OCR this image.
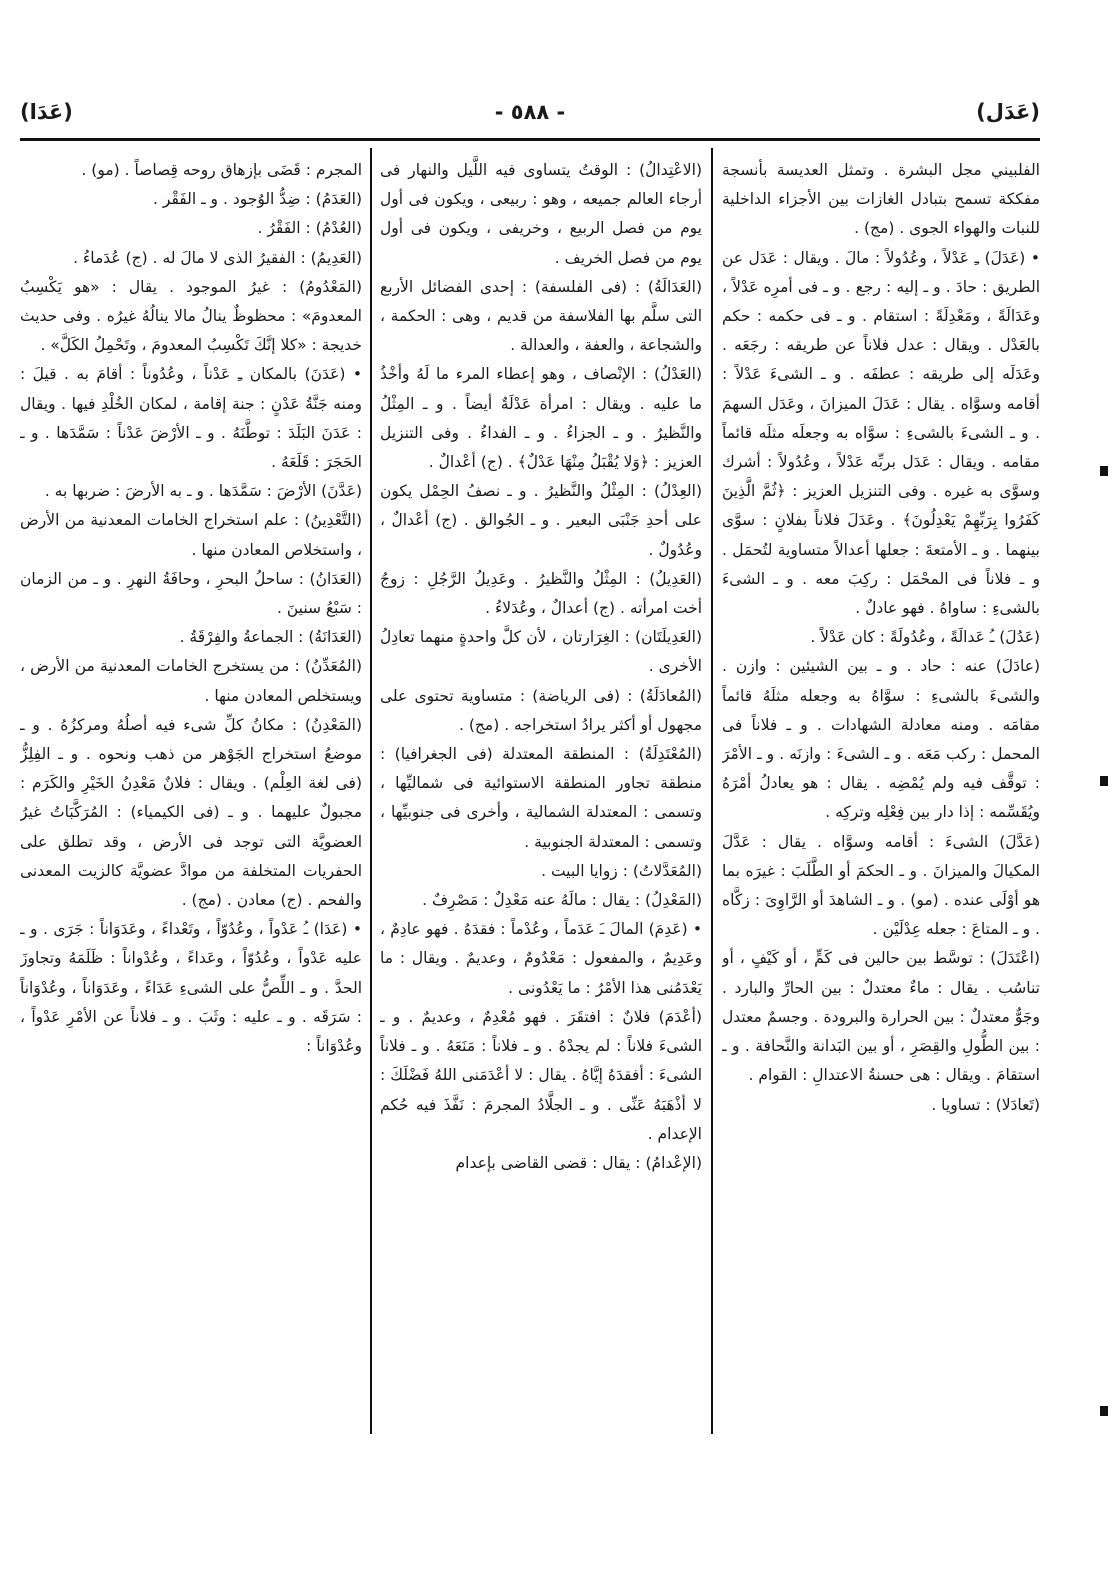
(عَدَل)
- ٥٨٨ -
(عَدَا)

الفلبيني مجل البشرة . وتمثل العديسة بأنسجة مفككة تسمح بتبادل الغازات بين الأجزاء الداخلية للنبات والهواء الجوى . (مج) .

• (عَدَلَ) ـِ عَدْلاً ، وعُدُولاً : مالَ . ويقال : عَدَل عن الطريق : حادَ . و ـ إليه : رجع . و ـ فى أمرِه عَدْلاً ، وعَدَالَةً ، ومَعْدِلَةً : استقام . و ـ فى حكمه : حكم بالعَدْل . ويقال : عدل فلاناً عن طريقه : رجَعَه . وعَدَلَه إلى طريقه : عطفَه . و ـ الشىءَ عَدْلاً : أقامه وسوَّاه . يقال : عَدَلَ الميزانَ ، وعَدَل السهمَ . و ـ الشىءَ بالشىءِ : سوَّاه به وجعلَه مثلَه قائماً مقامه . ويقال : عَدَل بربِّه عَدْلاً ، وعُدُولاً : أشرك وسوَّى به غيره . وفى التنزيل العزيز : ﴿ثُمَّ الَّذِينَ كَفَرُوا بِرَبِّهِمْ يَعْدِلُونَ﴾ . وعَدَلَ فلاناً بفلانٍ : سوَّى بينهما . و ـ الأمتعةَ : جعلها أعدالاً متساوية لتُحمَل . و ـ فلاناً فى المحْمَل : ركِبَ معه . و ـ الشىءَ بالشىءِ : ساواهُ . فهو عادلٌ .

(عَدُلَ) ـُ عَدالَةً ، وعُدُولَةً : كان عَدْلاً .

(عادَلَ) عنه : حاد . و ـ بين الشيئين : وازن . والشىءَ بالشىءِ : سوَّاهُ به وجعله مثلَهُ قائماً مقامَه . ومنه معادلة الشهادات . و ـ فلاناً فى المحمل : ركب مَعَه . و ـ الشىءَ : وازنَه . و ـ الأمْرَ : توقَّف فيه ولم يُمْضِه . يقال : هو يعادلُ أمْرَهُ ويُقَسِّمه : إذا دار بين فِعْلِه وتركِه .

(عَدَّلَ) الشىءَ : أقامه وسوَّاه . يقال : عَدَّلَ المكيالَ والميزانَ . و ـ الحكمَ أو الطَّلَبَ : غيرَه بما هو أوْلَى عنده . (مو) . و ـ الشاهدَ أو الرَّاوِىَ : زكَّاه . و ـ المتاعَ : جعله عِدْلَيْن .

(اعْتَدَلَ) : توسَّط بين حالين فى كَمٍّ ، أو كَيْفٍ ، أو تناسُب . يقال : ماءٌ معتدلٌ : بين الحارِّ والبارد . وجَوٌّ معتدلٌ : بين الحرارة والبرودة . وجسمٌ معتدل : بين الطُّولِ والقِصَرِ ، أو بين البَدانة والنَّحافة . و ـ استقامَ . ويقال : هى حسنةُ الاعتدالِ : القوام .

(تَعادَلا) : تساويا .

(الاعْتِدالُ) : الوقتُ يتساوى فيه اللَّيل والنهار فى أرجاء العالم جميعه ، وهو : ربيعى ، ويكون فى أول يوم من فصل الربيع ، وخريفى ، ويكون فى أول يوم من فصل الخريف .

(العَدَالَةُ) : (فى الفلسفة) : إحدى الفضائل الأربع التى سلَّم بها الفلاسفة من قديم ، وهى : الحكمة ، والشجاعة ، والعفة ، والعدالة .

(العَدْلُ) : الإنْصاف ، وهو إعطاء المرء ما لَهُ وأخْذُ ما عليه . ويقال : امرأة عَدْلَةٌ أيضاً . و ـ المِثْلُ والنَّظيرُ . و ـ الجزاءُ . و ـ الفداءُ . وفى التنزيل العزيز : ﴿وَلا يُقْبَلُ مِنْهَا عَدْلٌ﴾ . (ج) أعْدالٌ .

(العِدْلُ) : المِثْلُ والنَّظيرُ . و ـ نصفُ الحِمْل يكون على أحدِ جَنْبَى البعير . و ـ الجُوالق . (ج) أعْدالٌ ، وعُدُولٌ .

(العَدِيلُ) : المِثْلُ والنَّظيرُ . وعَدِيلُ الرَّجُلِ : زوجُ أخت امرأته . (ج) أعدالٌ ، وعُدَلاءُ .

(العَدِيلَتَان) : الغِرَارتان ، لأن كلَّ واحدةٍ منهما تعادِلُ الأخرى .

(المُعادَلَةُ) : (فى الرياضة) : متساوية تحتوى على مجهول أو أكثر يرادُ استخراجه . (مج) .

(المُعْتَدِلَةُ) : المنطقة المعتدلة (فى الجغرافيا) : منطقة تجاور المنطقة الاستوائية فى شماليِّها ، وتسمى : المعتدلة الشمالية ، وأخرى فى جنوبيِّها ، وتسمى : المعتدلة الجنوبية .

(المُعَدَّلاتُ) : زوايا البيت .

(المَعْدِلُ) : يقال : مالَهُ عنه مَعْدِلٌ : مَصْرِفٌ .

• (عَدِمَ) المالَ ـَ عَدَماً ، وعُدْماً : فقدَهُ . فهو عادِمٌ ، وعَدِيمٌ ، والمفعول : مَعْدُومٌ ، وعديمٌ . ويقال : ما يَعْدَمُنى هذا الأمْرُ : ما يَعْدُونى .

(أعْدَمَ) فلانٌ : افتقَرَ . فهو مُعْدِمٌ ، وعديمٌ . و ـ الشىءَ فلاناً : لم يجدْهُ . و ـ فلاناً : مَنَعَهُ . و ـ فلاناً الشىءَ : أفقدَهُ إيَّاهُ . يقال : لا أعْدَمَنى اللهُ فَضْلَكَ : لا أذْهَبَهُ عَنِّى . و ـ الجلَّادُ المجرمَ : نَفَّذَ فيه حُكم الإعدام .

(الإعْدامُ) : يقال : قضى القاضى بإعدام

المجرم : قَضَى بإزهاق روحه قِصاصاً . (مو) .

(العَدَمُ) : ضِدُّ الوُجود . و ـ الفَقْر .

(العُدْمُ) : الفَقْرُ .

(العَدِيمُ) : الفقيرُ الذى لا مالَ له . (ج) عُدَماءُ .

(المَعْدُومُ) : غيرُ الموجود . يقال : «هو يَكْسِبُ المعدومَ» : محظوظٌ ينالُ مالا ينالُهُ غيرُه . وفى حديث خديجة : «كلا إنَّكَ تَكْسِبُ المعدومَ ، وتَحْمِلُ الكَلَّ» .

• (عَدَنَ) بالمكان ـِ عَدْناً ، وعُدُوناً : أقامَ به . قيلَ : ومنه جَنَّةُ عَدْنٍ : جنة إقامة ، لمكان الخُلْدِ فيها . ويقال : عَدَنَ البَلَدَ : توطَّنَهُ . و ـ الأرْضَ عَدْناً : سَمَّدَها . و ـ الحَجَرَ : قَلَعَهُ .

(عَدَّنَ) الأرْضَ : سَمَّدَها . و ـ به الأرضَ : ضربها به .

(التَّعْدِينُ) : علم استخراج الخامات المعدنية من الأرض ، واستخلاص المعادن منها .

(العَدَانُ) : ساحلُ البحرِ ، وحافَةُ النهرِ . و ـ من الزمان : سَبْعُ سنينَ .

(العَدَانَةُ) : الجماعةُ والفِرْقَةُ .

(المُعَدِّنُ) : من يستخرج الخامات المعدنية من الأرض ، ويستخلص المعادن منها .

(المَعْدِنُ) : مكانُ كلِّ شىء فيه أصلُهُ ومركزُهُ . و ـ موضعُ استخراج الجَوْهر من ذهب ونحوه . و ـ الفِلِزُّ (فى لغة العِلْم) . ويقال : فلانٌ مَعْدِنُ الخَيْرِ والكَرَم : مجبولٌ عليهما . و ـ (فى الكيمياء) : المُرَكَّبَاتُ غيرُ العضويَّة التى توجد فى الأرض ، وقد تطلق على الحفريات المتخلفة من موادَّ عضويَّة كالزيت المعدنى والفحم . (ج) معادن . (مج) .

• (عَدَا) ـُ عَدْواً ، وعُدُوّاً ، وتَعْداءً ، وعَدَوَاناً : جَرَى . و ـ عليه عَدْواً ، وعُدُوّاً ، وعَداءً ، وعُدْواناً : ظَلَمَهُ وتجاوزَ الحدَّ . و ـ اللِّصُّ على الشىءِ عَدَاءً ، وعَدَوَاناً ، وعُدْوَاناً : سَرَقَه . و ـ عليه : وثَبَ . و ـ فلاناً عن الأمْرِ عَدْواً ، وعُدْوَاناً :
